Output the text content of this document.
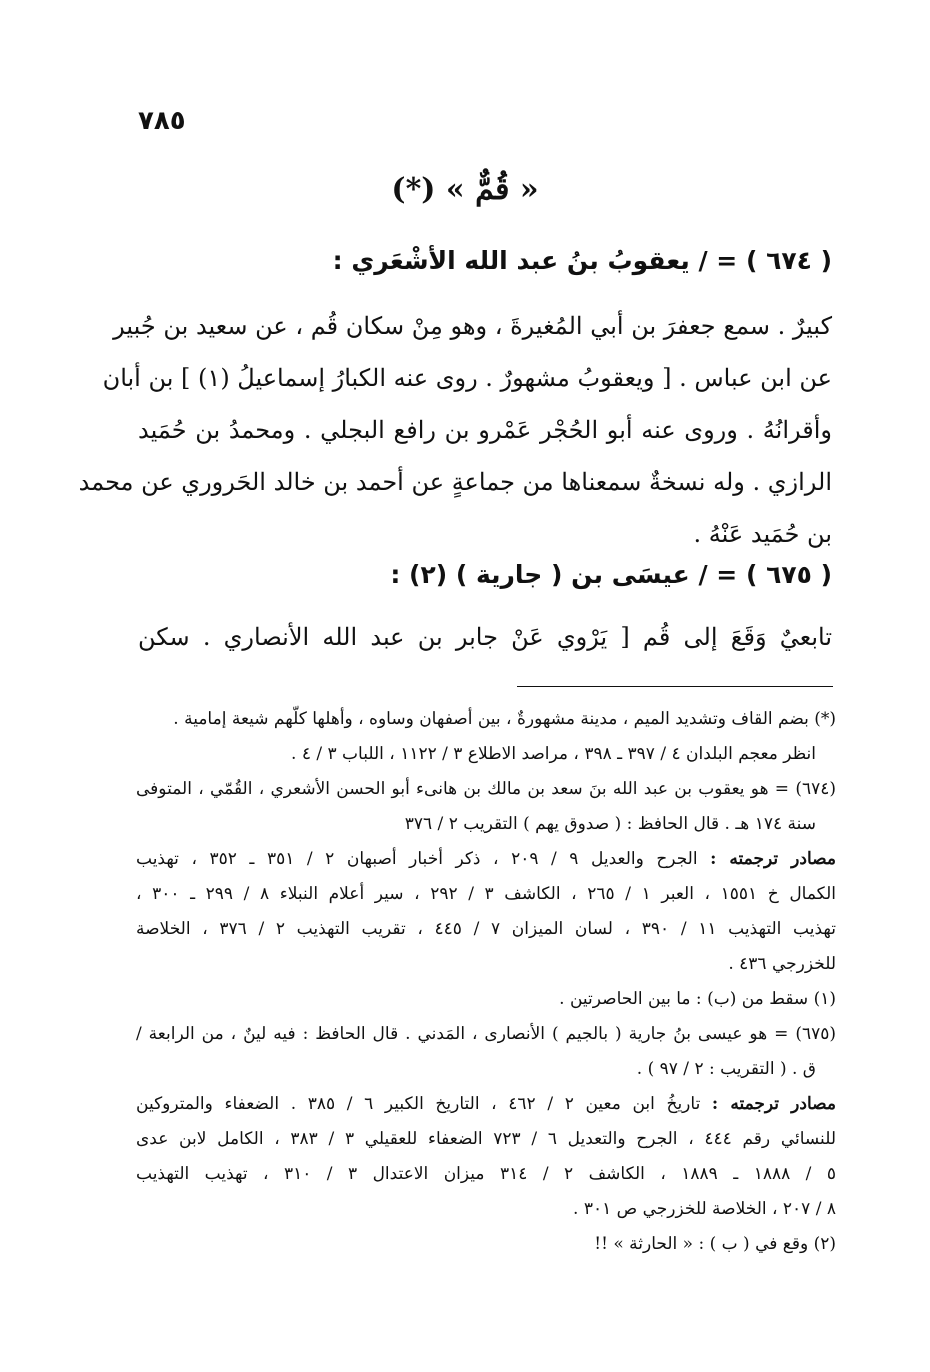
٧٨٥
« قُمٌّ » (*)
( ٦٧٤ ) = / يعقوبُ بنُ عبد الله الأشْعَري :
كبيرٌ . سمع جعفرَ بن أبي المُغيرةَ ، وهو مِنْ سكان قُم ، عن سعيد بن جُبير
عن ابن عباس . [ ويعقوبُ مشهورٌ . روى عنه الكبارُ إسماعيلُ (١) ] بن أبان
وأقرانُهُ . وروى عنه أبو الحُجْر عَمْرو بن رافع البجلي . ومحمدُ بن حُمَيد
الرازي . وله نسخةٌ سمعناها من جماعةٍ عن أحمد بن خالد الحَروري عن محمد
بن حُمَيد عَنْهُ .
( ٦٧٥ ) = / عيسَى بن ( جارية ) (٢) :
تابعيٌ وَقَعَ إلى قُم [ يَرْوي عَنْ جابر بن عبد الله الأنصاري . سكن
(*) بضم القاف وتشديد الميم ، مدينة مشهورةٌ ، بين أصفهان وساوه ، وأهلها كلّهم شيعة إمامية .
انظر معجم البلدان ٤ / ٣٩٧ ـ ٣٩٨ ، مراصد الاطلاع ٣ / ١١٢٢ ، اللباب ٣ / ٤ .
(٦٧٤) = هو يعقوب بن عبد الله بنَ سعد بن مالك بن هانىء أبو الحسن الأشعري ، القُمّي ، المتوفى
سنة ١٧٤ هـ . قال الحافظ : ( صدوق يهم ) التقريب ٢ / ٣٧٦
مصادر ترجمته : الجرح والعديل ٩ / ٢٠٩ ، ذكر أخبار أصبهان ٢ / ٣٥١ ـ ٣٥٢ ، تهذيب
الكمال خ ١٥٥١ ، العبر ١ / ٢٦٥ ، الكاشف ٣ / ٢٩٢ ، سير أعلام النبلاء ٨ / ٢٩٩ ـ ٣٠٠ ،
تهذيب التهذيب ١١ / ٣٩٠ ، لسان الميزان ٧ / ٤٤٥ ، تقريب التهذيب ٢ / ٣٧٦ ، الخلاصة
للخزرجي ٤٣٦ .
(١) سقط من (ب) : ما بين الحاصرتين .
(٦٧٥) = هو عيسى بنُ جارية ( بالجيم ) الأنصارى ، المَدني . قال الحافظ : فيه لينٌ ، من الرابعة /
ق . ( التقريب : ٢ / ٩٧ ) .
مصادر ترجمته : تاريخُ ابن معين ٢ / ٤٦٢ ، التاريخ الكبير ٦ / ٣٨٥ . الضعفاء والمتروكين
للنسائي رقم ٤٤٤ ، الجرح والتعديل ٦ / ٧٢٣ الضعفاء للعقيلي ٣ / ٣٨٣ ، الكامل لابن عدى
٥ / ١٨٨٨ ـ ١٨٨٩ ، الكاشف ٢ / ٣١٤ ميزان الاعتدال ٣ / ٣١٠ ، تهذيب التهذيب
٨ / ٢٠٧ ، الخلاصة للخزرجي ص ٣٠١ .
(٢) وقع في ( ب ) : « الحارثة » !!
